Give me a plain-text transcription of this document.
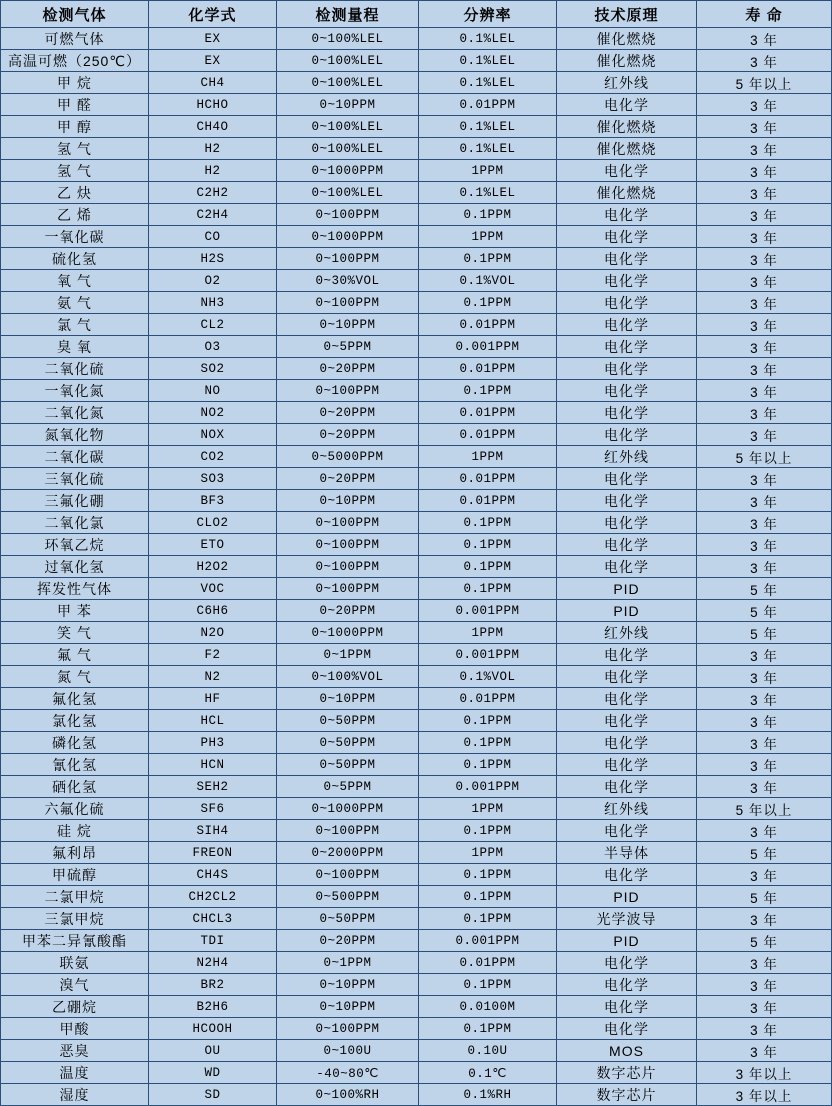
检测气体	化学式	检测量程	分辨率	技术原理	寿 命
可燃气体	EX	0~100%LEL	0.1%LEL	催化燃烧	3 年
高温可燃（250℃）	EX	0~100%LEL	0.1%LEL	催化燃烧	3 年
甲 烷	CH4	0~100%LEL	0.1%LEL	红外线	5 年以上
甲 醛	HCHO	0~10PPM	0.01PPM	电化学	3 年
甲 醇	CH4O	0~100%LEL	0.1%LEL	催化燃烧	3 年
氢 气	H2	0~100%LEL	0.1%LEL	催化燃烧	3 年
氢 气	H2	0~1000PPM	1PPM	电化学	3 年
乙 炔	C2H2	0~100%LEL	0.1%LEL	催化燃烧	3 年
乙 烯	C2H4	0~100PPM	0.1PPM	电化学	3 年
一氧化碳	CO	0~1000PPM	1PPM	电化学	3 年
硫化氢	H2S	0~100PPM	0.1PPM	电化学	3 年
氧 气	O2	0~30%VOL	0.1%VOL	电化学	3 年
氨 气	NH3	0~100PPM	0.1PPM	电化学	3 年
氯 气	CL2	0~10PPM	0.01PPM	电化学	3 年
臭 氧	O3	0~5PPM	0.001PPM	电化学	3 年
二氧化硫	SO2	0~20PPM	0.01PPM	电化学	3 年
一氧化氮	NO	0~100PPM	0.1PPM	电化学	3 年
二氧化氮	NO2	0~20PPM	0.01PPM	电化学	3 年
氮氧化物	NOX	0~20PPM	0.01PPM	电化学	3 年
二氧化碳	CO2	0~5000PPM	1PPM	红外线	5 年以上
三氧化硫	SO3	0~20PPM	0.01PPM	电化学	3 年
三氟化硼	BF3	0~10PPM	0.01PPM	电化学	3 年
二氧化氯	CLO2	0~100PPM	0.1PPM	电化学	3 年
环氧乙烷	ETO	0~100PPM	0.1PPM	电化学	3 年
过氧化氢	H2O2	0~100PPM	0.1PPM	电化学	3 年
挥发性气体	VOC	0~100PPM	0.1PPM	PID	5 年
甲 苯	C6H6	0~20PPM	0.001PPM	PID	5 年
笑 气	N2O	0~1000PPM	1PPM	红外线	5 年
氟 气	F2	0~1PPM	0.001PPM	电化学	3 年
氮 气	N2	0~100%VOL	0.1%VOL	电化学	3 年
氟化氢	HF	0~10PPM	0.01PPM	电化学	3 年
氯化氢	HCL	0~50PPM	0.1PPM	电化学	3 年
磷化氢	PH3	0~50PPM	0.1PPM	电化学	3 年
氰化氢	HCN	0~50PPM	0.1PPM	电化学	3 年
硒化氢	SEH2	0~5PPM	0.001PPM	电化学	3 年
六氟化硫	SF6	0~1000PPM	1PPM	红外线	5 年以上
硅 烷	SIH4	0~100PPM	0.1PPM	电化学	3 年
氟利昂	FREON	0~2000PPM	1PPM	半导体	5 年
甲硫醇	CH4S	0~100PPM	0.1PPM	电化学	3 年
二氯甲烷	CH2CL2	0~500PPM	0.1PPM	PID	5 年
三氯甲烷	CHCL3	0~50PPM	0.1PPM	光学波导	3 年
甲苯二异氰酸酯	TDI	0~20PPM	0.001PPM	PID	5 年
联氨	N2H4	0~1PPM	0.01PPM	电化学	3 年
溴气	BR2	0~10PPM	0.1PPM	电化学	3 年
乙硼烷	B2H6	0~10PPM	0.0100M	电化学	3 年
甲酸	HCOOH	0~100PPM	0.1PPM	电化学	3 年
恶臭	OU	0~100U	0.10U	MOS	3 年
温度	WD	-40~80℃	0.1℃	数字芯片	3 年以上
湿度	SD	0~100%RH	0.1%RH	数字芯片	3 年以上
